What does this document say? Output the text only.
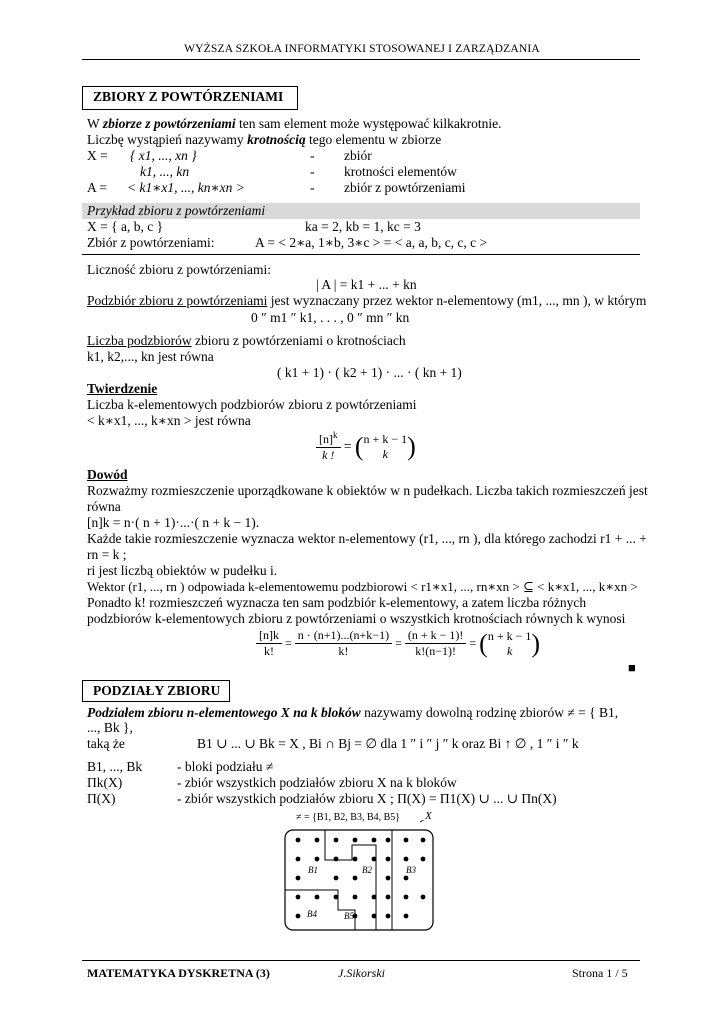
WYŻSZA SZKOŁA INFORMATYKI STOSOWANEJ I ZARZĄDZANIA
ZBIORY Z POWTÓRZENIAMI
W zbiorze z powtórzeniami ten sam element może występować kilkakrotnie.
Liczbę wystąpień nazywamy krotnością tego elementu w zbiorze
X = { x1, ..., xn }	- zbiór
k1, ..., kn	- krotności elementów
A = < k1∗x1, ..., kn∗xn >	- zbiór z powtórzeniami
Przykład zbioru z powtórzeniami
X = { a, b, c }	ka = 2, kb = 1, kc = 3
Zbiór z powtórzeniami:	A = < 2∗a, 1∗b, 3∗c > = < a, a, b, c, c, c >
Liczność zbioru z powtórzeniami:
| A | = k1 + ... + kn
Podzbiór zbioru z powtórzeniami jest wyznaczany przez wektor n-elementowy (m1, ..., mn ), w którym
0 ″ m1 ″ k1, . . . , 0 ″ mn ″ kn
Liczba podzbiorów zbioru z powtórzeniami o krotnościach
k1, k2,..., kn jest równa
( k1 + 1) · ( k2 + 1) · ... · ( kn + 1)
Twierdzenie
Liczba k-elementowych podzbiorów zbioru z powtórzeniami
< k∗x1, ..., k∗xn > jest równa
$\frac{[n]^k}{k !}$ = ( n + k − 1
k )
Dowód
Rozważmy rozmieszczenie uporządkowane k obiektów w n pudełkach. Liczba takich rozmieszczeń jest
równa
[n]k = n·( n + 1)·...·( n + k − 1).
Każde takie rozmieszczenie wyznacza wektor n-elementowy (r1, ..., rn ), dla którego zachodzi r1 + ... +
rn = k ;
ri jest liczbą obiektów w pudełku i.
Wektor (r1, ..., rn ) odpowiada k-elementowemu podzbiorowi < r1∗x1, ..., rn∗xn > ⊆ < k∗x1, ..., k∗xn >
Ponadto k! rozmieszczeń wyznacza ten sam podzbiór k-elementowy, a zatem liczba różnych
podzbiorów k-elementowych zbioru z powtórzeniami o wszystkich krotnościach równych k wynosi
$\frac{[n]k}{k!} = \frac{n \cdot (n+1)...(n+k-1)}{k!} = \frac{(n + k - 1)!}{k!(n-1)!}$ = ( n + k − 1
k )
■
PODZIAŁY ZBIORU
Podziałem zbioru n-elementowego X na k bloków nazywamy dowolną rodzinę zbiorów ≠ = { B1,
..., Bk },
taką że	B1 ∪ ... ∪ Bk = X , Bi ∩ Bj = ∅ dla 1 ″ i ″ j ″ k oraz Bi ↑ ∅ , 1 ″ i ″ k
B1, ..., Bk	- bloki podziału ≠
Πk(X)	- zbiór wszystkich podziałów zbioru X na k bloków
Π(X)	- zbiór wszystkich podziałów zbioru X ; Π(X) = Π1(X) ∪ ... ∪ Πn(X)
≠ = {B1, B2, B3, B4, B5} X
B1	B2	B3
B4	B5
MATEMATYKA DYSKRETNA (3)	J.Sikorski	Strona 1 / 5
